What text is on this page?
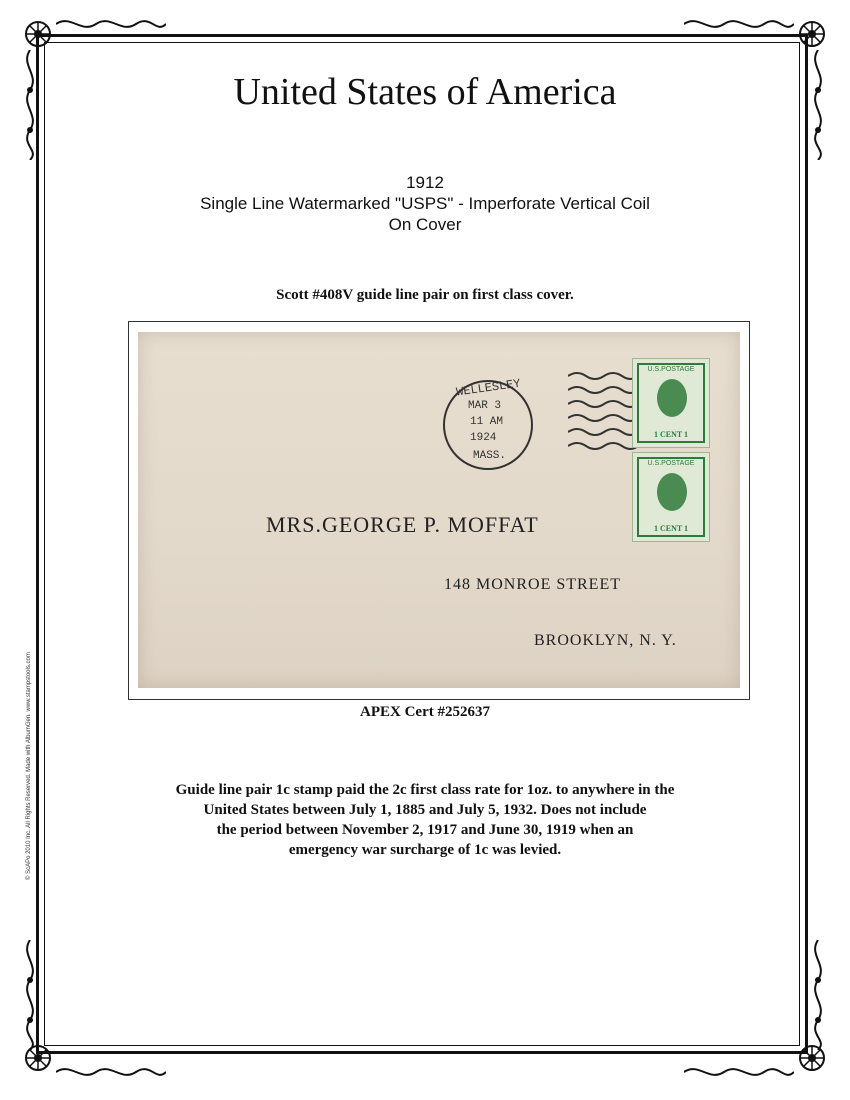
United States of America
1912
Single Line Watermarked "USPS" - Imperforate Vertical Coil
On Cover
Scott #408V guide line pair on first class cover.
WELLESLEY
MAR 3
11 AM
1924
MASS.
U.S.POSTAGE
1 CENT 1
U.S.POSTAGE
1 CENT 1
MRS.GEORGE P. MOFFAT
148 MONROE STREET
BROOKLYN, N. Y.
APEX Cert #252637
Guide line pair 1c stamp paid the 2c first class rate for 1oz. to anywhere in the
United States between July 1, 1885 and July 5, 1932. Does not include
the period between November 2, 1917 and June 30, 1919 when an
emergency war surcharge of 1c was levied.
© ScAPo 2010 Inc. All Rights Reserved. Made with AlbumGen. www.stampstools.com
